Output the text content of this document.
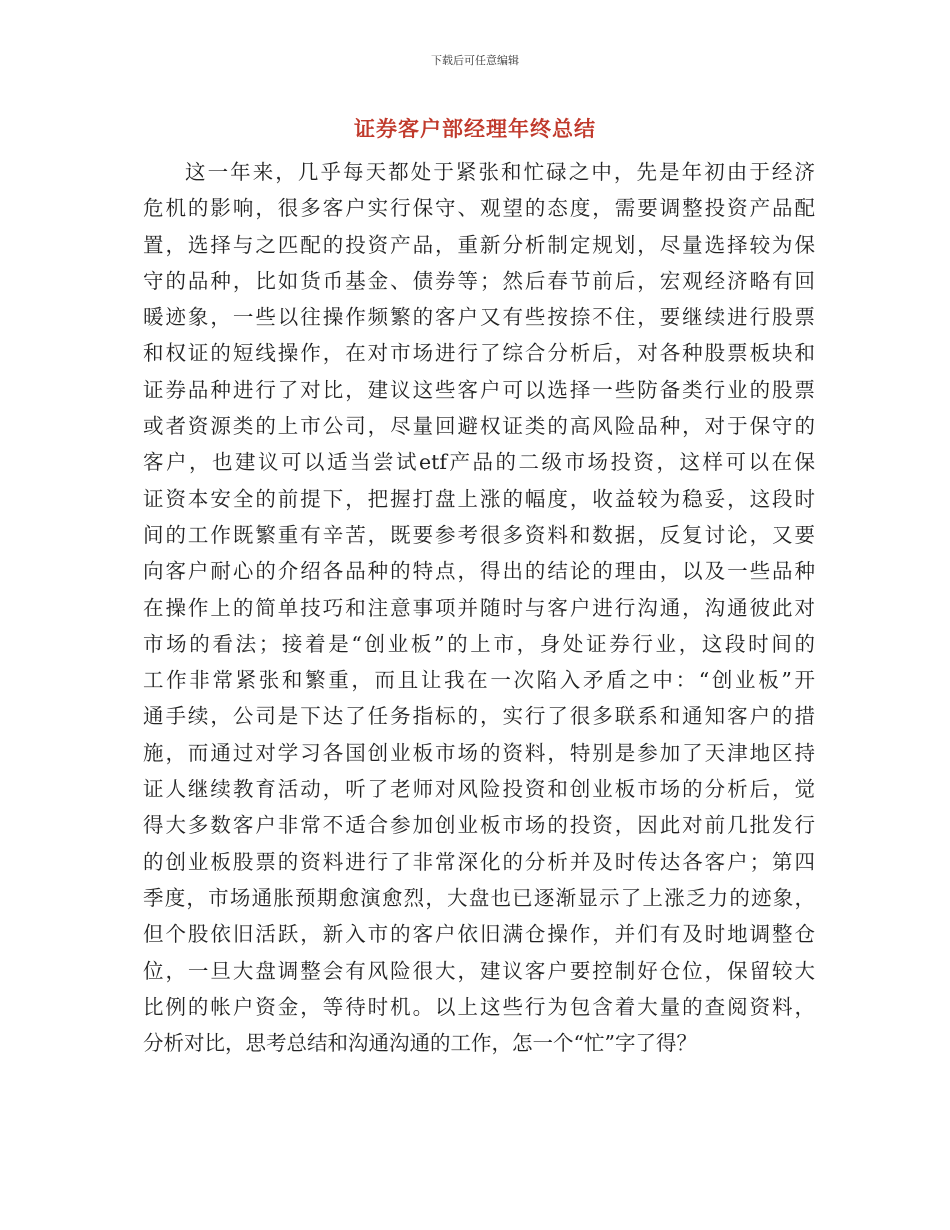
下载后可任意编辑
证券客户部经理年终总结
这一年来，几乎每天都处于紧张和忙碌之中，先是年初由于经济
危机的影响，很多客户实行保守、观望的态度，需要调整投资产品配
置，选择与之匹配的投资产品，重新分析制定规划，尽量选择较为保
守的品种，比如货币基金、债券等；然后春节前后，宏观经济略有回
暖迹象，一些以往操作频繁的客户又有些按捺不住，要继续进行股票
和权证的短线操作，在对市场进行了综合分析后，对各种股票板块和
证券品种进行了对比，建议这些客户可以选择一些防备类行业的股票
或者资源类的上市公司，尽量回避权证类的高风险品种，对于保守的
客户，也建议可以适当尝试etf产品的二级市场投资，这样可以在保
证资本安全的前提下，把握打盘上涨的幅度，收益较为稳妥，这段时
间的工作既繁重有辛苦，既要参考很多资料和数据，反复讨论，又要
向客户耐心的介绍各品种的特点，得出的结论的理由，以及一些品种
在操作上的简单技巧和注意事项并随时与客户进行沟通，沟通彼此对
市场的看法；接着是“创业板”的上市，身处证券行业，这段时间的
工作非常紧张和繁重，而且让我在一次陷入矛盾之中：“创业板”开
通手续，公司是下达了任务指标的，实行了很多联系和通知客户的措
施，而通过对学习各国创业板市场的资料，特别是参加了天津地区持
证人继续教育活动，听了老师对风险投资和创业板市场的分析后，觉
得大多数客户非常不适合参加创业板市场的投资，因此对前几批发行
的创业板股票的资料进行了非常深化的分析并及时传达各客户；第四
季度，市场通胀预期愈演愈烈，大盘也已逐渐显示了上涨乏力的迹象，
但个股依旧活跃，新入市的客户依旧满仓操作，并们有及时地调整仓
位，一旦大盘调整会有风险很大，建议客户要控制好仓位，保留较大
比例的帐户资金，等待时机。以上这些行为包含着大量的查阅资料，
分析对比，思考总结和沟通沟通的工作，怎一个“忙”字了得？
